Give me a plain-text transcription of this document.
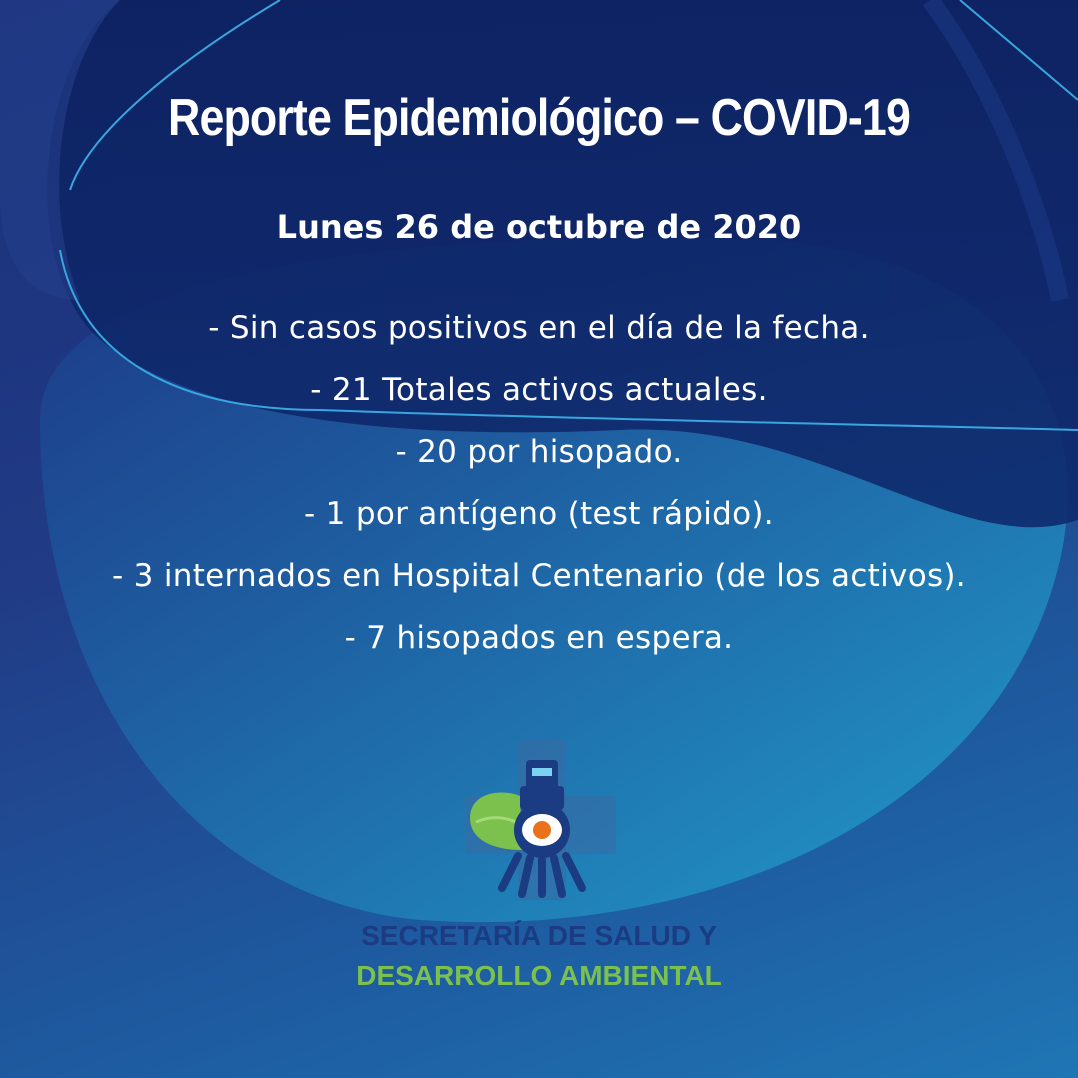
Reporte Epidemiológico – COVID-19
Lunes 26 de octubre de 2020
- Sin casos positivos en el día de la fecha.
- 21 Totales activos actuales.
- 20 por hisopado.
- 1 por antígeno (test rápido).
- 3 internados en Hospital Centenario (de los activos).
- 7 hisopados en espera.
SECRETARÍA DE SALUD Y
DESARROLLO AMBIENTAL
